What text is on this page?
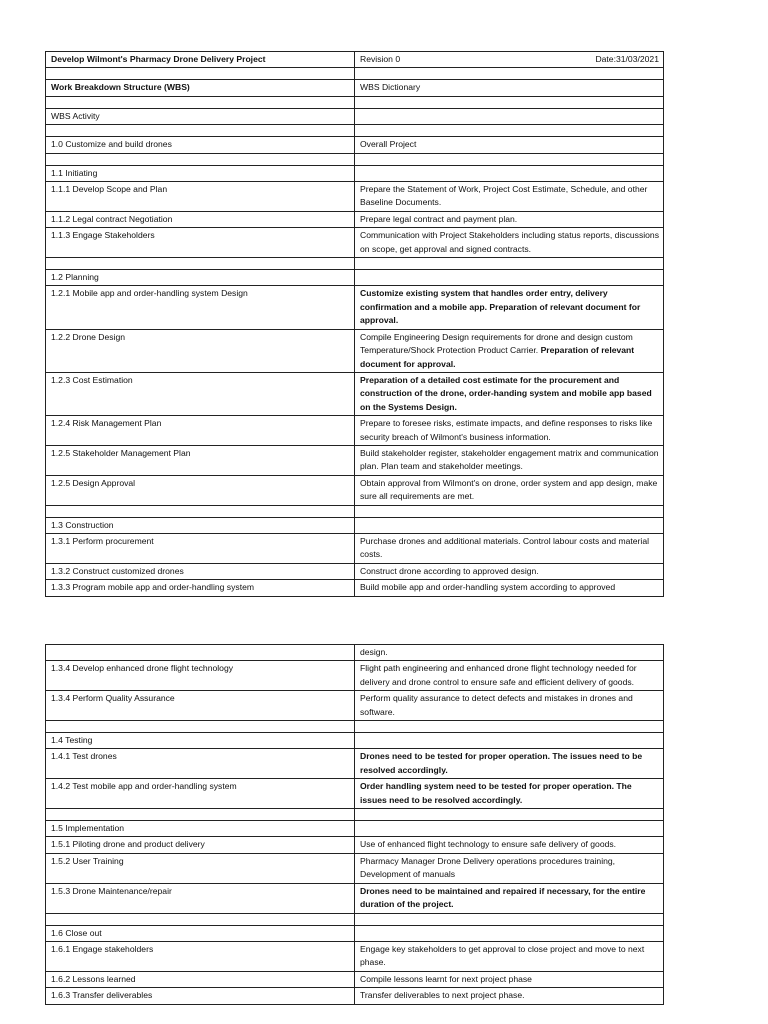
Develop Wilmont's Pharmacy Drone Delivery Project	Revision 0 Date:31/03/2021

Work Breakdown Structure (WBS)	WBS Dictionary

WBS Activity	

1.0 Customize and build drones	Overall Project

1.1 Initiating	
1.1.1 Develop Scope and Plan	Prepare the Statement of Work, Project Cost Estimate, Schedule, and other Baseline Documents.
1.1.2 Legal contract Negotiation	Prepare legal contract and payment plan.
1.1.3 Engage Stakeholders	Communication with Project Stakeholders including status reports, discussions on scope, get approval and signed contracts.

1.2 Planning	
1.2.1 Mobile app and order-handling system Design	Customize existing system that handles order entry, delivery confirmation and a mobile app. Preparation of relevant document for approval.
1.2.2 Drone Design	Compile Engineering Design requirements for drone and design custom Temperature/Shock Protection Product Carrier. Preparation of relevant document for approval.
1.2.3 Cost Estimation	Preparation of a detailed cost estimate for the procurement and construction of the drone, order-handing system and mobile app based on the Systems Design.
1.2.4 Risk Management Plan	Prepare to foresee risks, estimate impacts, and define responses to risks like security breach of Wilmont's business information.
1.2.5 Stakeholder Management Plan	Build stakeholder register, stakeholder engagement matrix and communication plan. Plan team and stakeholder meetings.
1.2.5 Design Approval	Obtain approval from Wilmont's on drone, order system and app design, make sure all requirements are met.

1.3 Construction	
1.3.1 Perform procurement	Purchase drones and additional materials. Control labour costs and material costs.
1.3.2 Construct customized drones	Construct drone according to approved design.
1.3.3 Program mobile app and order-handling system	Build mobile app and order-handling system according to approved
	design.
1.3.4 Develop enhanced drone flight technology	Flight path engineering and enhanced drone flight technology needed for delivery and drone control to ensure safe and efficient delivery of goods.
1.3.4 Perform Quality Assurance	Perform quality assurance to detect defects and mistakes in drones and software.

1.4 Testing	
1.4.1 Test drones	Drones need to be tested for proper operation. The issues need to be resolved accordingly.
1.4.2 Test mobile app and order-handling system	Order handling system need to be tested for proper operation. The issues need to be resolved accordingly.

1.5 Implementation	
1.5.1 Piloting drone and product delivery	Use of enhanced flight technology to ensure safe delivery of goods.
1.5.2 User Training	Pharmacy Manager Drone Delivery operations procedures training, Development of manuals
1.5.3 Drone Maintenance/repair	Drones need to be maintained and repaired if necessary, for the entire duration of the project.

1.6 Close out	
1.6.1 Engage stakeholders	Engage key stakeholders to get approval to close project and move to next phase.
1.6.2 Lessons learned	Compile lessons learnt for next project phase
1.6.3 Transfer deliverables	Transfer deliverables to next project phase.
